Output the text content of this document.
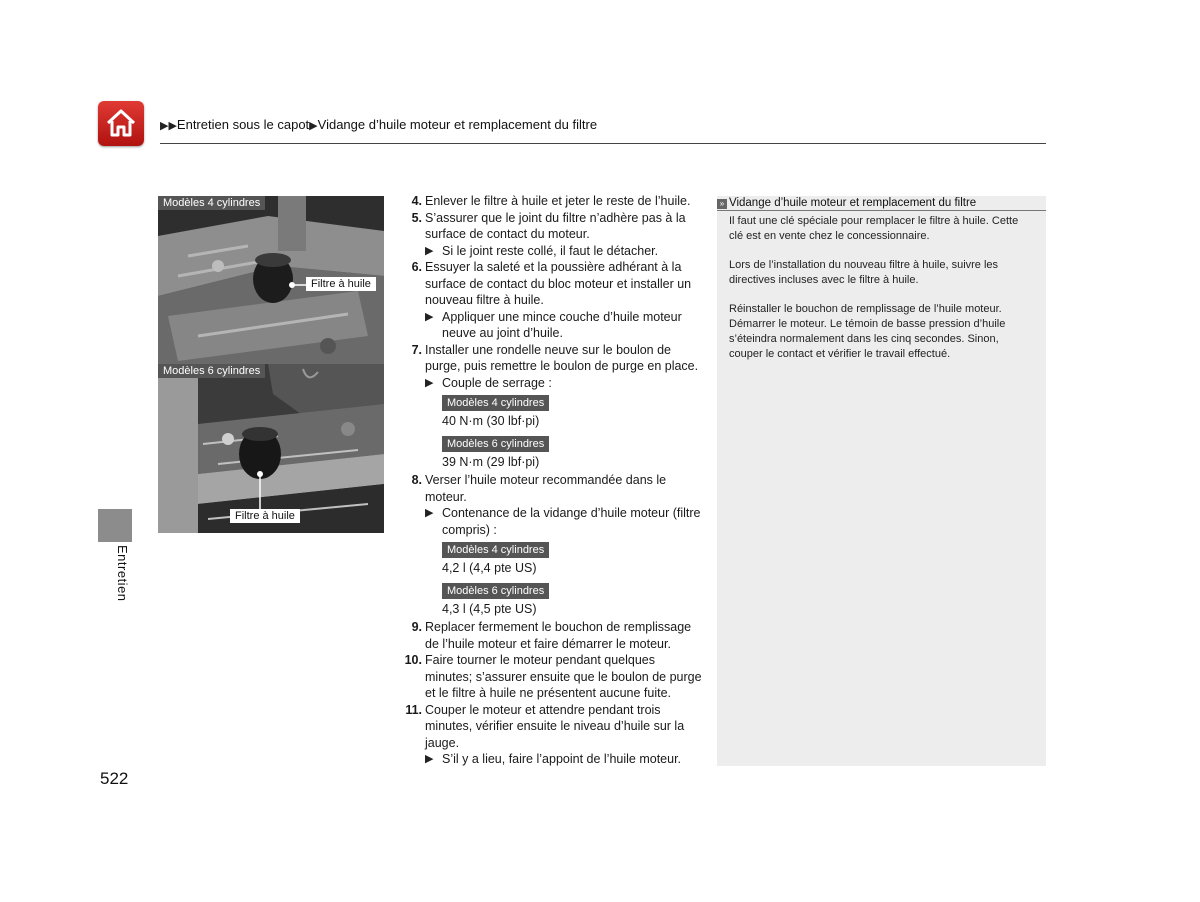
▶▶Entretien sous le capot▶Vidange d’huile moteur et remplacement du filtre
Entretien
Modèles 4 cylindres
Filtre à huile
Modèles 6 cylindres
Filtre à huile
4. Enlever le filtre à huile et jeter le reste de l’huile.
5. S’assurer que le joint du filtre n’adhère pas à la surface de contact du moteur.
▶ Si le joint reste collé, il faut le détacher.
6. Essuyer la saleté et la poussière adhérant à la surface de contact du bloc moteur et installer un nouveau filtre à huile.
▶ Appliquer une mince couche d’huile moteur neuve au joint d’huile.
7. Installer une rondelle neuve sur le boulon de purge, puis remettre le boulon de purge en place.
▶ Couple de serrage :
Modèles 4 cylindres
40 N·m (30 lbf·pi)
Modèles 6 cylindres
39 N·m (29 lbf·pi)
8. Verser l’huile moteur recommandée dans le moteur.
▶ Contenance de la vidange d’huile moteur (filtre compris) :
Modèles 4 cylindres
4,2 l (4,4 pte US)
Modèles 6 cylindres
4,3 l (4,5 pte US)
9. Replacer fermement le bouchon de remplissage de l’huile moteur et faire démarrer le moteur.
10. Faire tourner le moteur pendant quelques minutes; s’assurer ensuite que le boulon de purge et le filtre à huile ne présentent aucune fuite.
11. Couper le moteur et attendre pendant trois minutes, vérifier ensuite le niveau d’huile sur la jauge.
▶ S’il y a lieu, faire l’appoint de l’huile moteur.
» Vidange d’huile moteur et remplacement du filtre

Il faut une clé spéciale pour remplacer le filtre à huile. Cette clé est en vente chez le concessionnaire.

Lors de l’installation du nouveau filtre à huile, suivre les directives incluses avec le filtre à huile.

Réinstaller le bouchon de remplissage de l’huile moteur. Démarrer le moteur. Le témoin de basse pression d’huile s’éteindra normalement dans les cinq secondes. Sinon, couper le contact et vérifier le travail effectué.

522
